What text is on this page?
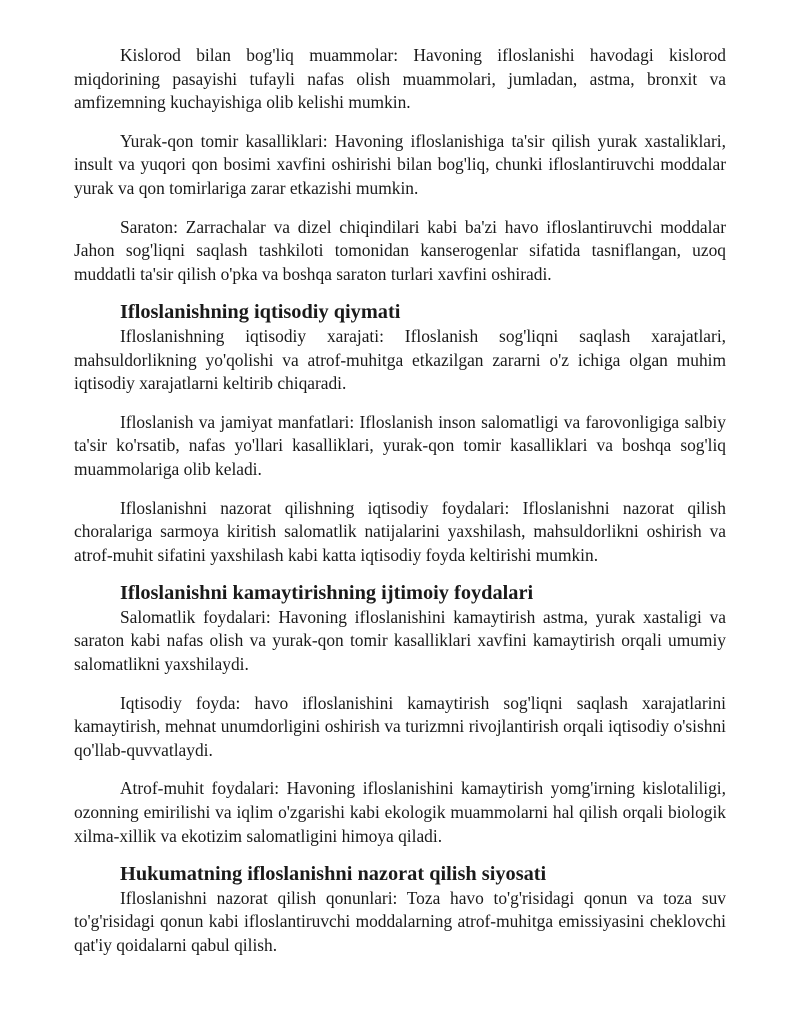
Kislorod bilan bog'liq muammolar: Havoning ifloslanishi havodagi kislorod miqdorining pasayishi tufayli nafas olish muammolari, jumladan, astma, bronxit va amfizemning kuchayishiga olib kelishi mumkin.

Yurak-qon tomir kasalliklari: Havoning ifloslanishiga ta'sir qilish yurak xastaliklari, insult va yuqori qon bosimi xavfini oshirishi bilan bog'liq, chunki ifloslantiruvchi moddalar yurak va qon tomirlariga zarar etkazishi mumkin.

Saraton: Zarrachalar va dizel chiqindilari kabi ba'zi havo ifloslantiruvchi moddalar Jahon sog'liqni saqlash tashkiloti tomonidan kanserogenlar sifatida tasniflangan, uzoq muddatli ta'sir qilish o'pka va boshqa saraton turlari xavfini oshiradi.

Ifloslanishning iqtisodiy qiymati

Ifloslanishning iqtisodiy xarajati: Ifloslanish sog'liqni saqlash xarajatlari, mahsuldorlikning yo'qolishi va atrof-muhitga etkazilgan zararni o'z ichiga olgan muhim iqtisodiy xarajatlarni keltirib chiqaradi.

Ifloslanish va jamiyat manfatlari: Ifloslanish inson salomatligi va farovonligiga salbiy ta'sir ko'rsatib, nafas yo'llari kasalliklari, yurak-qon tomir kasalliklari va boshqa sog'liq muammolariga olib keladi.

Ifloslanishni nazorat qilishning iqtisodiy foydalari: Ifloslanishni nazorat qilish choralariga sarmoya kiritish salomatlik natijalarini yaxshilash, mahsuldorlikni oshirish va atrof-muhit sifatini yaxshilash kabi katta iqtisodiy foyda keltirishi mumkin.

Ifloslanishni kamaytirishning ijtimoiy foydalari

Salomatlik foydalari: Havoning ifloslanishini kamaytirish astma, yurak xastaligi va saraton kabi nafas olish va yurak-qon tomir kasalliklari xavfini kamaytirish orqali umumiy salomatlikni yaxshilaydi.

Iqtisodiy foyda: havo ifloslanishini kamaytirish sog'liqni saqlash xarajatlarini kamaytirish, mehnat unumdorligini oshirish va turizmni rivojlantirish orqali iqtisodiy o'sishni qo'llab-quvvatlaydi.

Atrof-muhit foydalari: Havoning ifloslanishini kamaytirish yomg'irning kislotaliligi, ozonning emirilishi va iqlim o'zgarishi kabi ekologik muammolarni hal qilish orqali biologik xilma-xillik va ekotizim salomatligini himoya qiladi.

Hukumatning ifloslanishni nazorat qilish siyosati

Ifloslanishni nazorat qilish qonunlari: Toza havo to'g'risidagi qonun va toza suv to'g'risidagi qonun kabi ifloslantiruvchi moddalarning atrof-muhitga emissiyasini cheklovchi qat'iy qoidalarni qabul qilish.
